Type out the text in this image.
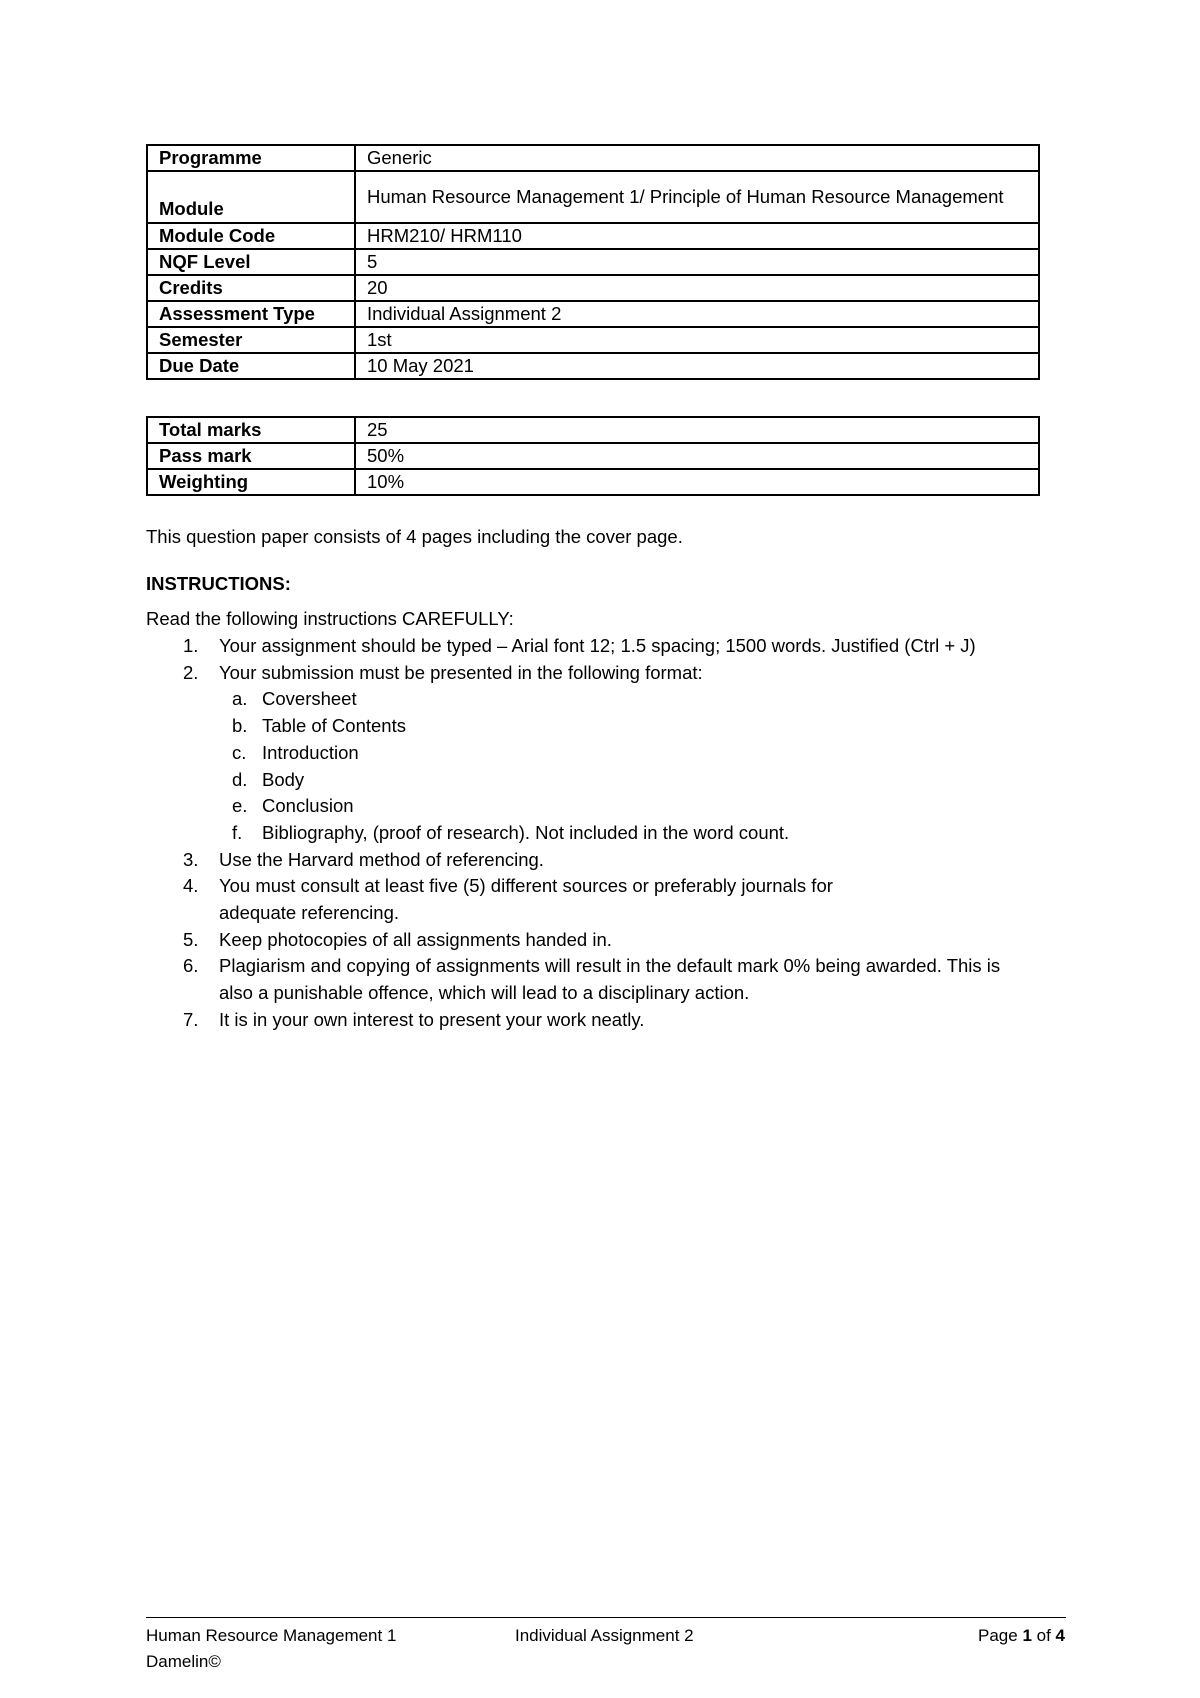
Programme	Generic
Module	Human Resource Management 1/ Principle of Human Resource Management
Module Code	HRM210/ HRM110
NQF Level	5
Credits	20
Assessment Type	Individual Assignment 2
Semester	1st
Due Date	10 May 2021
Total marks	25
Pass mark	50%
Weighting	10%
This question paper consists of 4 pages including the cover page.
INSTRUCTIONS:
Read the following instructions CAREFULLY:
1. Your assignment should be typed – Arial font 12; 1.5 spacing; 1500 words. Justified (Ctrl + J)
2. Your submission must be presented in the following format:
a. Coversheet
b. Table of Contents
c. Introduction
d. Body
e. Conclusion
f. Bibliography, (proof of research). Not included in the word count.
3. Use the Harvard method of referencing.
4. You must consult at least five (5) different sources or preferably journals for adequate referencing.
5. Keep photocopies of all assignments handed in.
6. Plagiarism and copying of assignments will result in the default mark 0% being awarded. This is also a punishable offence, which will lead to a disciplinary action.
7. It is in your own interest to present your work neatly.
Human Resource Management 1	Individual Assignment 2	Page 1 of 4
Damelin©
